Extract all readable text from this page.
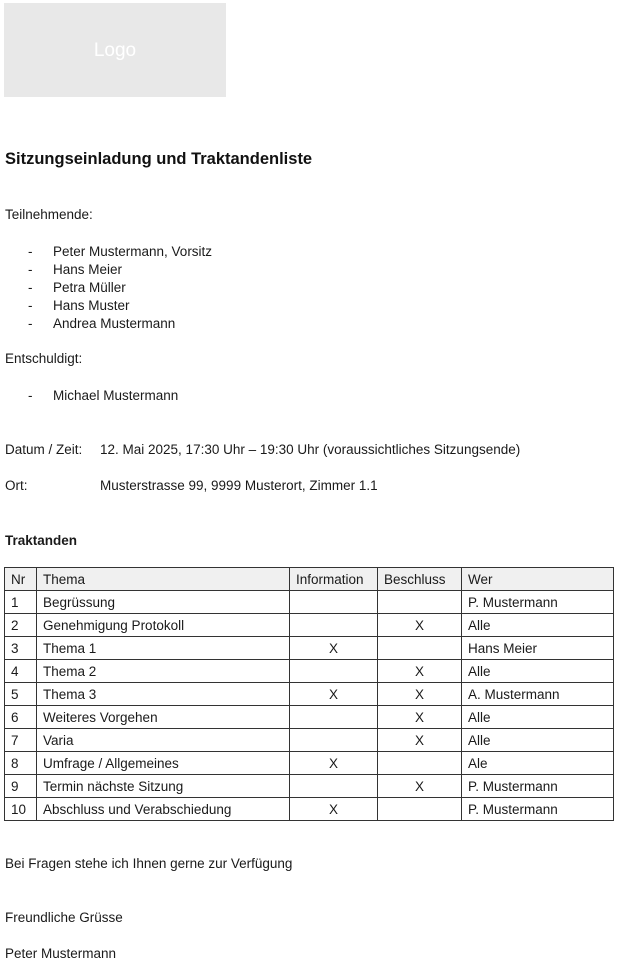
Logo
Sitzungseinladung und Traktandenliste
Teilnehmende:
- Peter Mustermann, Vorsitz
- Hans Meier
- Petra Müller
- Hans Muster
- Andrea Mustermann
Entschuldigt:
- Michael Mustermann
Datum / Zeit: 12. Mai 2025, 17:30 Uhr – 19:30 Uhr (voraussichtliches Sitzungsende)
Ort:	Musterstrasse 99, 9999 Musterort, Zimmer 1.1
Traktanden
Nr	Thema	Information	Beschluss	Wer
1	Begrüssung			P. Mustermann
2	Genehmigung Protokoll		X	Alle
3	Thema 1	X		Hans Meier
4	Thema 2		X	Alle
5	Thema 3	X	X	A. Mustermann
6	Weiteres Vorgehen		X	Alle
7	Varia		X	Alle
8	Umfrage / Allgemeines	X		Ale
9	Termin nächste Sitzung		X	P. Mustermann
10	Abschluss und Verabschiedung	X		P. Mustermann
Bei Fragen stehe ich Ihnen gerne zur Verfügung
Freundliche Grüsse
Peter Mustermann
